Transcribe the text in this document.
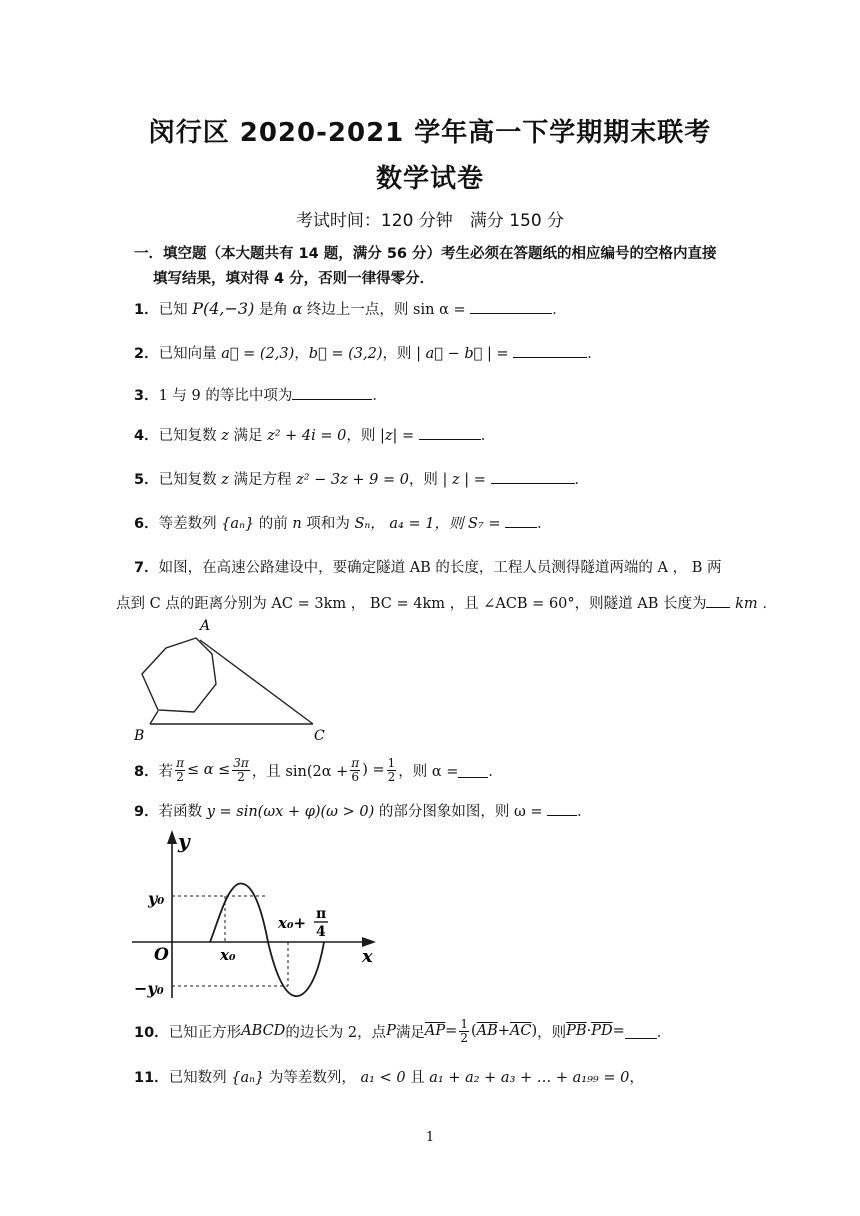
闵行区 2020-2021 学年高一下学期期末联考
数学试卷
考试时间：120 分钟　满分 150 分
一．填空题（本大题共有 14 题，满分 56 分）考生必须在答题纸的相应编号的空格内直接
填写结果，填对得 4 分，否则一律得零分．
1．已知 P(4,−3) 是角 α 终边上一点，则 sin α =	．
2．已知向量 a⃗ = (2,3)，b⃗ = (3,2)，则 | a⃗ − b⃗ | =	．
3．1 与 9 的等比中项为	．
4．已知复数 z 满足 z² + 4i = 0，则 |z| =	．
5．已知复数 z 满足方程 z² − 3z + 9 = 0，则 | z | =	．
6．等差数列 {aₙ} 的前 n 项和为 Sₙ， a₄ = 1，则 S₇ =	．
7．如图，在高速公路建设中，要确定隧道 AB 的长度，工程人员测得隧道两端的 A ， B 两
点到 C 点的距离分别为 AC = 3km ， BC = 4km ，且 ∠ACB = 60°，则隧道 AB 长度为 km ．
A
B	C
8． 若 $\frac{\pi}{2} \le \alpha \le \frac{3\pi}{2}$ ，且 $\sin(2\alpha + \frac{\pi}{6}$ ) = $\frac{1}{2}$ ，则 α = ．
9．若函数 y = sin(ωx + φ)(ω > 0) 的部分图象如图，则 ω = ．
y
x
O
y₀
−y₀
x₀
x₀+ π
4
10． 已知正方形 ABCD 的边长为 2，点 P 满足 $\overline{AP} = \frac{1}{2}$ ( $\overline{AB} + \overline{AC}$ ) ，则 $\overline{PB} \cdot \overline{PD}$ = ．
11．已知数列 {aₙ} 为等差数列， a₁ < 0 且 a₁ + a₂ + a₃ + … + a₁₉₉ = 0，
1
